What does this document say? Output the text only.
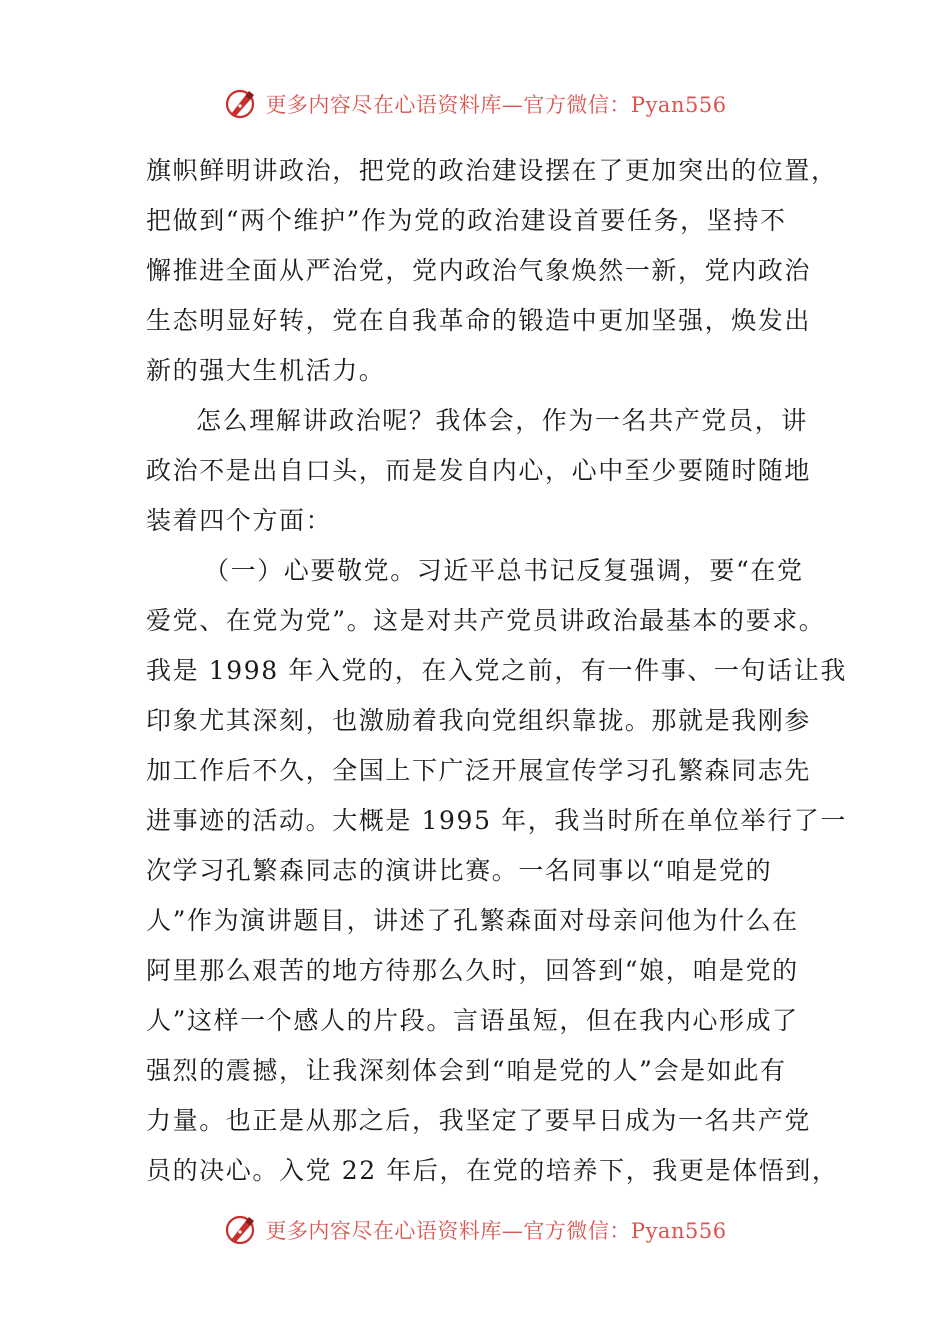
更多内容尽在心语资料库—官方微信：Pyan556
旗帜鲜明讲政治，把党的政治建设摆在了更加突出的位置，
把做到“两个维护”作为党的政治建设首要任务，坚持不
懈推进全面从严治党，党内政治气象焕然一新，党内政治
生态明显好转，党在自我革命的锻造中更加坚强，焕发出
新的强大生机活力。
怎么理解讲政治呢？我体会，作为一名共产党员，讲
政治不是出自口头，而是发自内心，心中至少要随时随地
装着四个方面：
（一）心要敬党。习近平总书记反复强调，要“在党
爱党、在党为党”。这是对共产党员讲政治最基本的要求。
我是 1998 年入党的，在入党之前，有一件事、一句话让我
印象尤其深刻，也激励着我向党组织靠拢。那就是我刚参
加工作后不久，全国上下广泛开展宣传学习孔繁森同志先
进事迹的活动。大概是 1995 年，我当时所在单位举行了一
次学习孔繁森同志的演讲比赛。一名同事以“咱是党的
人”作为演讲题目，讲述了孔繁森面对母亲问他为什么在
阿里那么艰苦的地方待那么久时，回答到“娘，咱是党的
人”这样一个感人的片段。言语虽短，但在我内心形成了
强烈的震撼，让我深刻体会到“咱是党的人”会是如此有
力量。也正是从那之后，我坚定了要早日成为一名共产党
员的决心。入党 22 年后，在党的培养下，我更是体悟到，
更多内容尽在心语资料库—官方微信：Pyan556
